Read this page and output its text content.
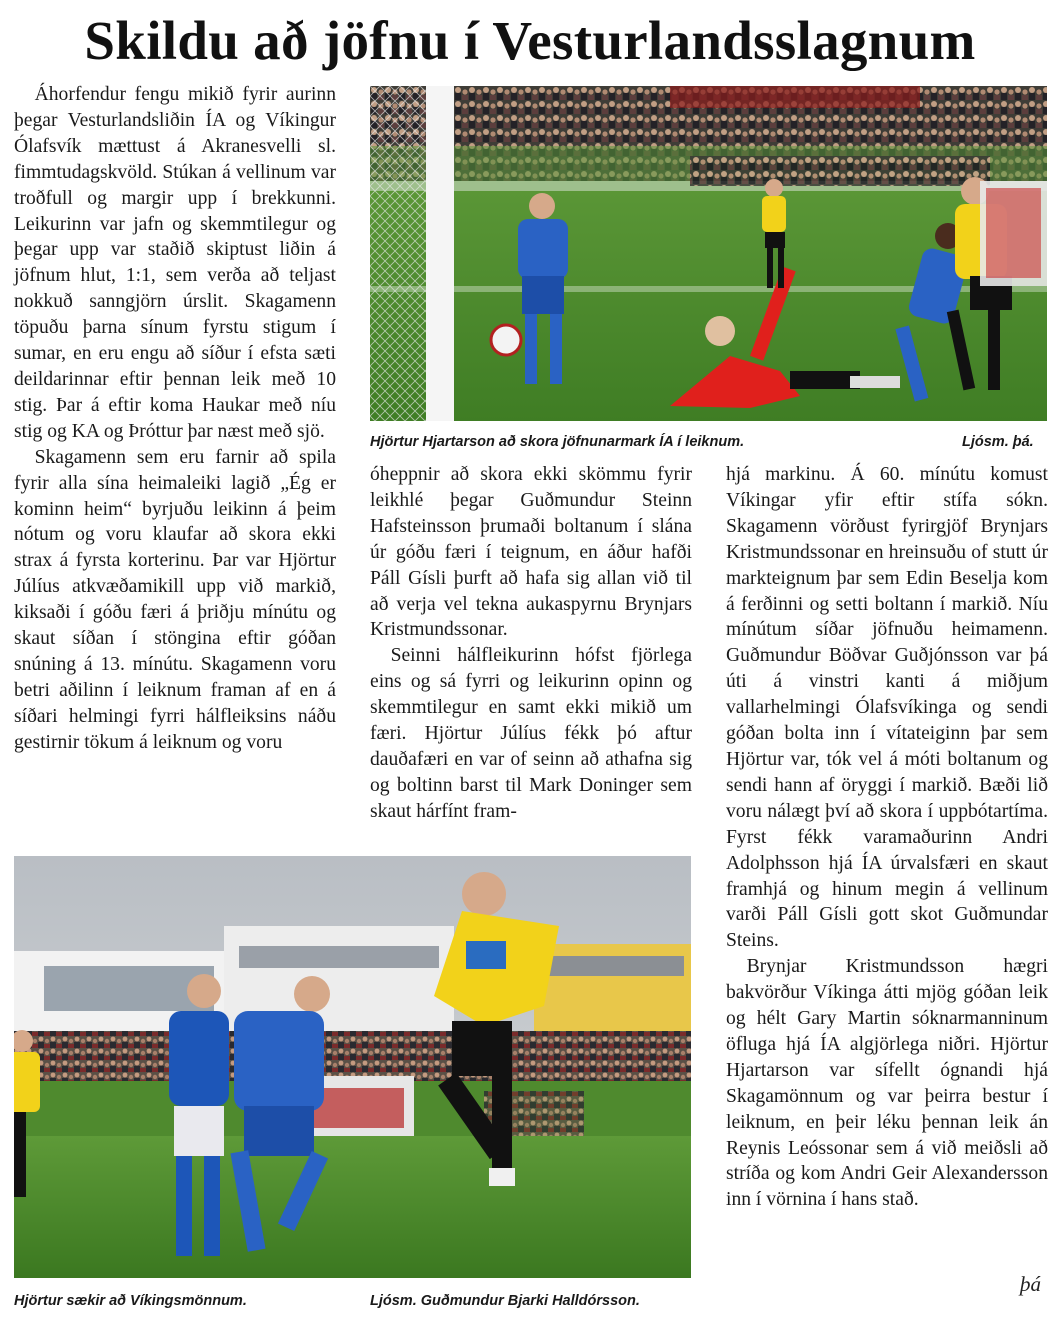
Skildu að jöfnu í Vesturlandsslagnum

Áhorfendur fengu mikið fyrir aurinn þegar Vesturlandsliðin ÍA og Víkingur Ólafsvík mættust á Akranesvelli sl. fimmtudagskvöld. Stúkan á vellinum var troðfull og margir upp í brekkunni. Leikurinn var jafn og skemmtilegur og þegar upp var staðið skiptust liðin á jöfnum hlut, 1:1, sem verða að teljast nokkuð sanngjörn úrslit. Skagamenn töpuðu þarna sínum fyrstu stigum í sumar, en eru engu að síður í efsta sæti deildarinnar eftir þennan leik með 10 stig. Þar á eftir koma Haukar með níu stig og KA og Þróttur þar næst með sjö.

Skagamenn sem eru farnir að spila fyrir alla sína heimaleiki lagið „Ég er kominn heim“ byrjuðu leikinn á þeim nótum og voru klaufar að skora ekki strax á fyrsta korterinu. Þar var Hjörtur Júlíus atkvæðamikill upp við markið, kiksaði í góðu færi á þriðju mínútu og skaut síðan í stöngina eftir góðan snúning á 13. mínútu. Skagamenn voru betri aðilinn í leiknum framan af en á síðari helmingi fyrri hálfleiksins náðu gestirnir tökum á leiknum og voru

Hjörtur Hjartarson að skora jöfnunarmark ÍA í leiknum.	Ljósm. þá.

óheppnir að skora ekki skömmu fyrir leikhlé þegar Guðmundur Steinn Hafsteinsson þrumaði boltanum í slána úr góðu færi í teignum, en áður hafði Páll Gísli þurft að hafa sig allan við til að verja vel tekna aukaspyrnu Brynjars Kristmundssonar.

Seinni hálfleikurinn hófst fjörlega eins og sá fyrri og leikurinn opinn og skemmtilegur en samt ekki mikið um færi. Hjörtur Júlíus fékk þó aftur dauðafæri en var of seinn að athafna sig og boltinn barst til Mark Doninger sem skaut hárfínt fram-

hjá markinu. Á 60. mínútu komust Víkingar yfir eftir stífa sókn. Skagamenn vörðust fyrirgjöf Brynjars Kristmundssonar en hreinsuðu of stutt úr markteignum þar sem Edin Beselja kom á ferðinni og setti boltann í markið. Níu mínútum síðar jöfnuðu heimamenn. Guðmundur Böðvar Guðjónsson var þá úti á vinstri kanti á miðjum vallarhelmingi Ólafsvíkinga og sendi góðan bolta inn í vítateiginn þar sem Hjörtur var, tók vel á móti boltanum og sendi hann af öryggi í markið. Bæði lið voru nálægt því að skora í uppbótartíma. Fyrst fékk varamaðurinn Andri Adolphsson hjá ÍA úrvalsfæri en skaut framhjá og hinum megin á vellinum varði Páll Gísli gott skot Guðmundar Steins.

Brynjar Kristmundsson hægri bakvörður Víkinga átti mjög góðan leik og hélt Gary Martin sóknarmanninum öfluga hjá ÍA algjörlega niðri. Hjörtur Hjartarson var sífellt ógnandi hjá Skagamönnum og var þeirra bestur í leiknum, en þeir léku þennan leik án Reynis Leóssonar sem á við meiðsli að stríða og kom Andri Geir Alexandersson inn í vörnina í hans stað.

Hjörtur sækir að Víkingsmönnum.	Ljósm. Guðmundur Bjarki Halldórsson.
þá
